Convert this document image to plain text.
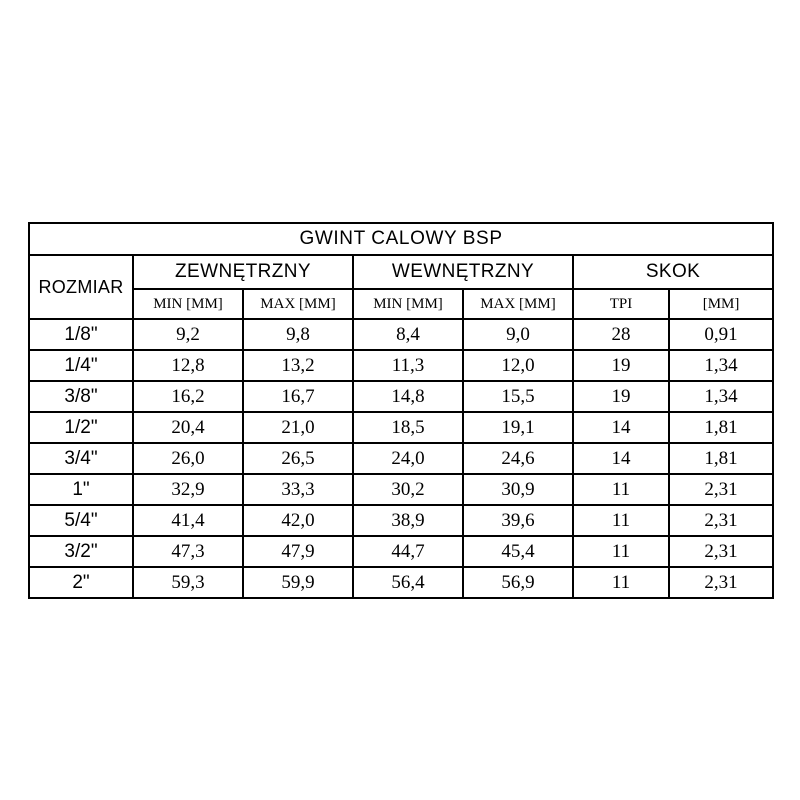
GWINT CALOWY BSP						
ROZMIAR	ZEWNĘTRZNY		WEWNĘTRZNY		SKOK	
	MIN [MM]	MAX [MM]	MIN [MM]	MAX [MM]	TPI	[MM]
1/8"	9,2	9,8	8,4	9,0	28	0,91
1/4"	12,8	13,2	11,3	12,0	19	1,34
3/8"	16,2	16,7	14,8	15,5	19	1,34
1/2"	20,4	21,0	18,5	19,1	14	1,81
3/4"	26,0	26,5	24,0	24,6	14	1,81
1"	32,9	33,3	30,2	30,9	11	2,31
5/4"	41,4	42,0	38,9	39,6	11	2,31
3/2"	47,3	47,9	44,7	45,4	11	2,31
2"	59,3	59,9	56,4	56,9	11	2,31
